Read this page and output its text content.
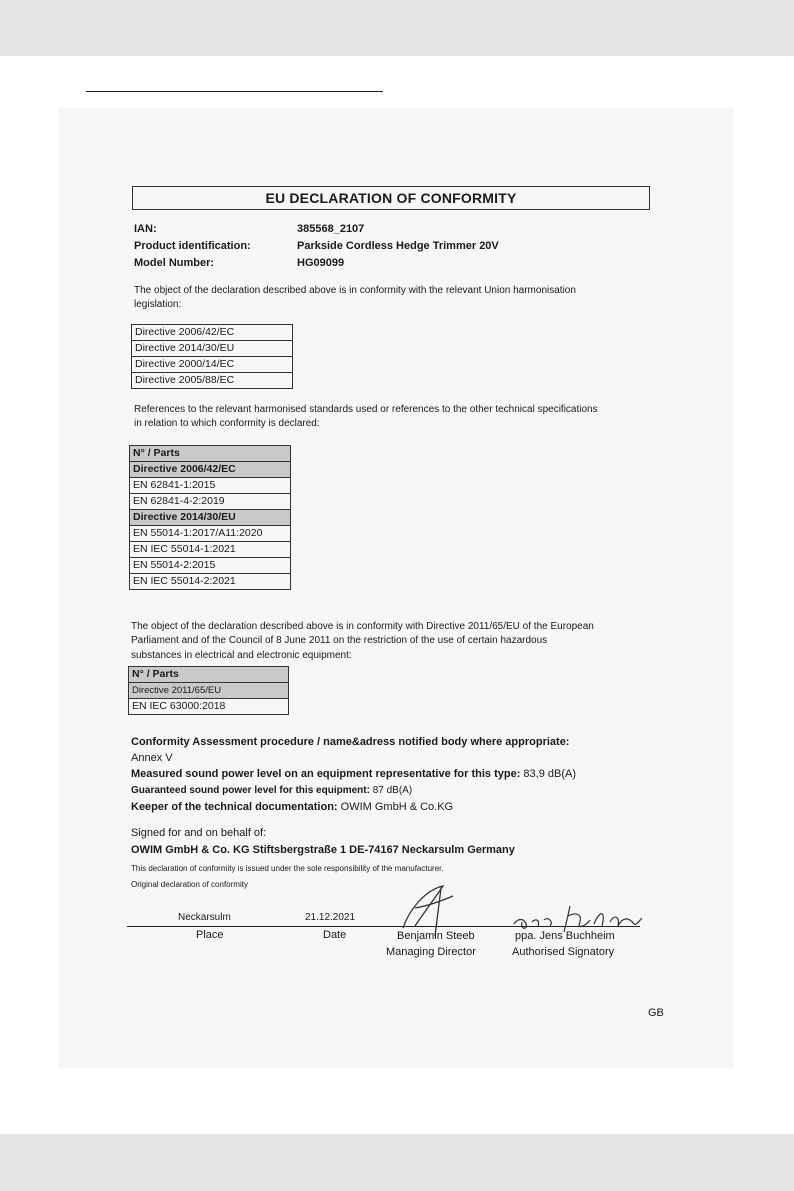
EU DECLARATION OF CONFORMITY
IAN:	385568_2107
Product identification:	Parkside Cordless Hedge Trimmer 20V
Model Number:	HG09099
The object of the declaration described above is in conformity with the relevant Union harmonisation
legislation:
Directive 2006/42/EC
Directive 2014/30/EU
Directive 2000/14/EC
Directive 2005/88/EC
References to the relevant harmonised standards used or references to the other technical specifications
in relation to which conformity is declared:
N° / Parts
Directive 2006/42/EC
EN 62841-1:2015
EN 62841-4-2:2019
Directive 2014/30/EU
EN 55014-1:2017/A11:2020
EN IEC 55014-1:2021
EN 55014-2:2015
EN IEC 55014-2:2021
The object of the declaration described above is in conformity with Directive 2011/65/EU of the European
Parliament and of the Council of 8 June 2011 on the restriction of the use of certain hazardous
substances in electrical and electronic equipment:
N° / Parts
Directive 2011/65/EU
EN IEC 63000:2018
Conformity Assessment procedure / name&adress notified body where appropriate:
Annex V
Measured sound power level on an equipment representative for this type: 83,9 dB(A)
Guaranteed sound power level for this equipment: 87 dB(A)
Keeper of the technical documentation: OWIM GmbH & Co.KG
Signed for and on behalf of:
OWIM GmbH & Co. KG Stiftsbergstraße 1 DE-74167 Neckarsulm Germany
This declaration of conformity is issued under the sole responsibility of the manufacturer.
Original declaration of conformity
Neckarsulm	21.12.2021
Place	Date	Benjamin Steeb
Managing Director
ppa. Jens Buchheim
Authorised Signatory
GB
